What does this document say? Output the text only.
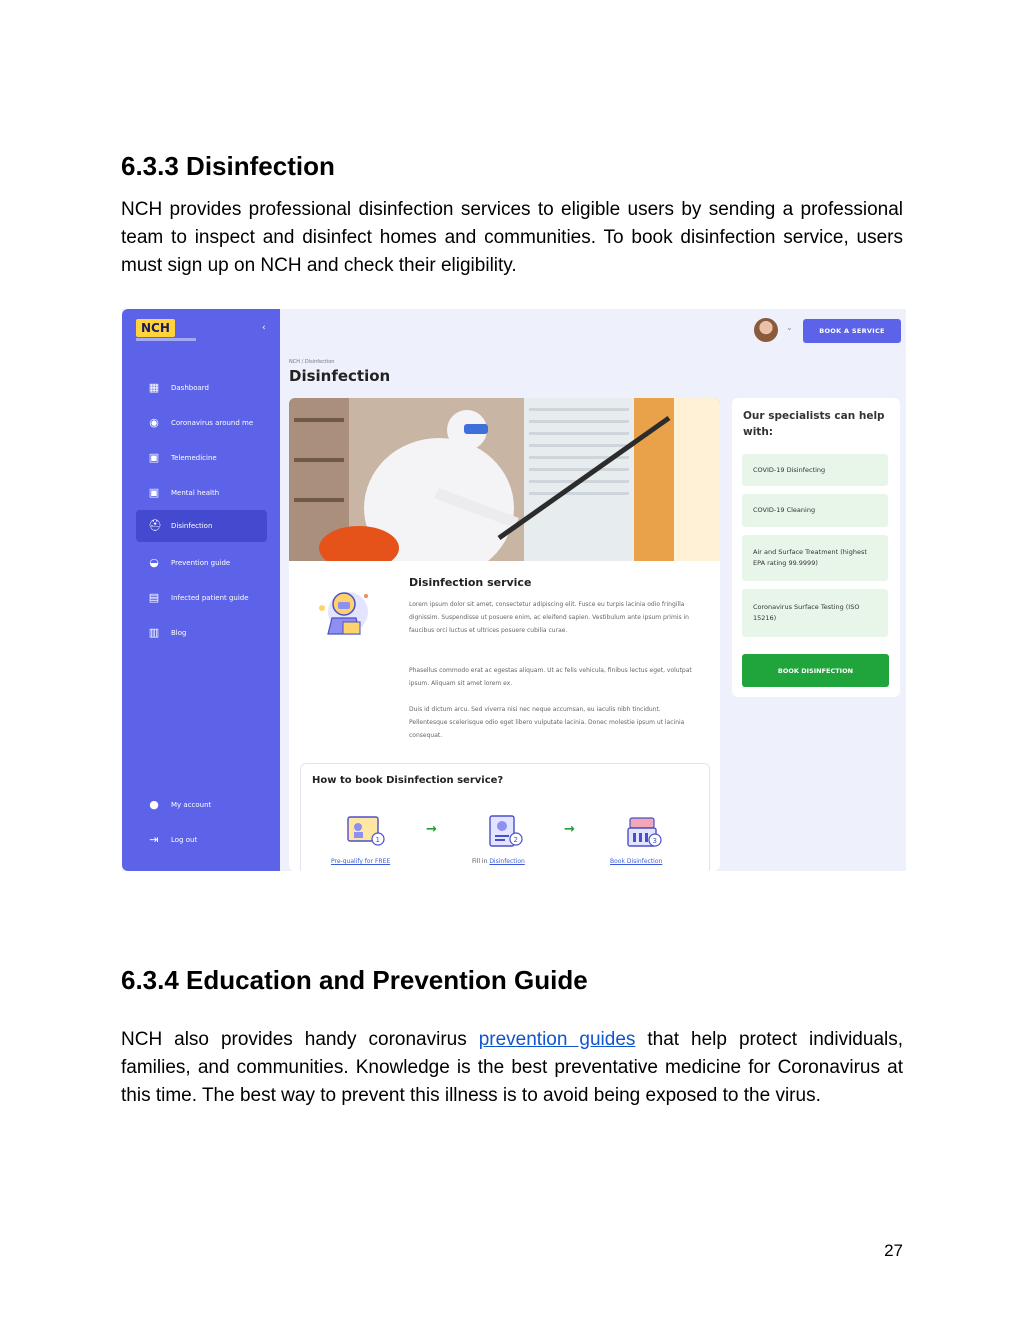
6.3.3 Disinfection

NCH provides professional disinfection services to eligible users by sending a professional team to inspect and disinfect homes and communities. To book disinfection service, users must sign up on NCH and check their eligibility.

NCH	‹
▦ Dashboard
◉ Coronavirus around me
▣ Telemedicine
▣ Mental health
⛑ Disinfection
◒ Prevention guide
▤ Infected patient guide
▥ Blog
● My account
⇥ Log out
⌄	BOOK A SERVICE
NCH / Disinfection
Disinfection
Disinfection service

Lorem ipsum dolor sit amet, consectetur adipiscing elit. Fusce eu turpis lacinia odio fringilla dignissim. Suspendisse ut posuere enim, ac eleifend sapien. Vestibulum ante ipsum primis in faucibus orci luctus et ultrices posuere cubilia curae.

Phasellus commodo erat ac egestas aliquam. Ut ac felis vehicula, finibus lectus eget, volutpat ipsum. Aliquam sit amet lorem ex.

Duis id dictum arcu. Sed viverra nisi nec neque accumsan, eu iaculis nibh tincidunt. Pellentesque scelerisque odio eget libero vulputate lacinia. Donec molestie ipsum ut lacinia consequat.

How to book Disinfection service?
1
→
2
→
3
Pre-qualify for FREE	Fill in Disinfection	Book Disinfection
Our specialists can help with:
COVID-19 Disinfecting
COVID-19 Cleaning
Air and Surface Treatment (highest EPA rating 99.9999)
Coronavirus Surface Testing (ISO 15216)
BOOK DISINFECTION
6.3.4 Education and Prevention Guide

NCH also provides handy coronavirus prevention guides that help protect individuals, families, and communities. Knowledge is the best preventative medicine for Coronavirus at this time. The best way to prevent this illness is to avoid being exposed to the virus.

27
